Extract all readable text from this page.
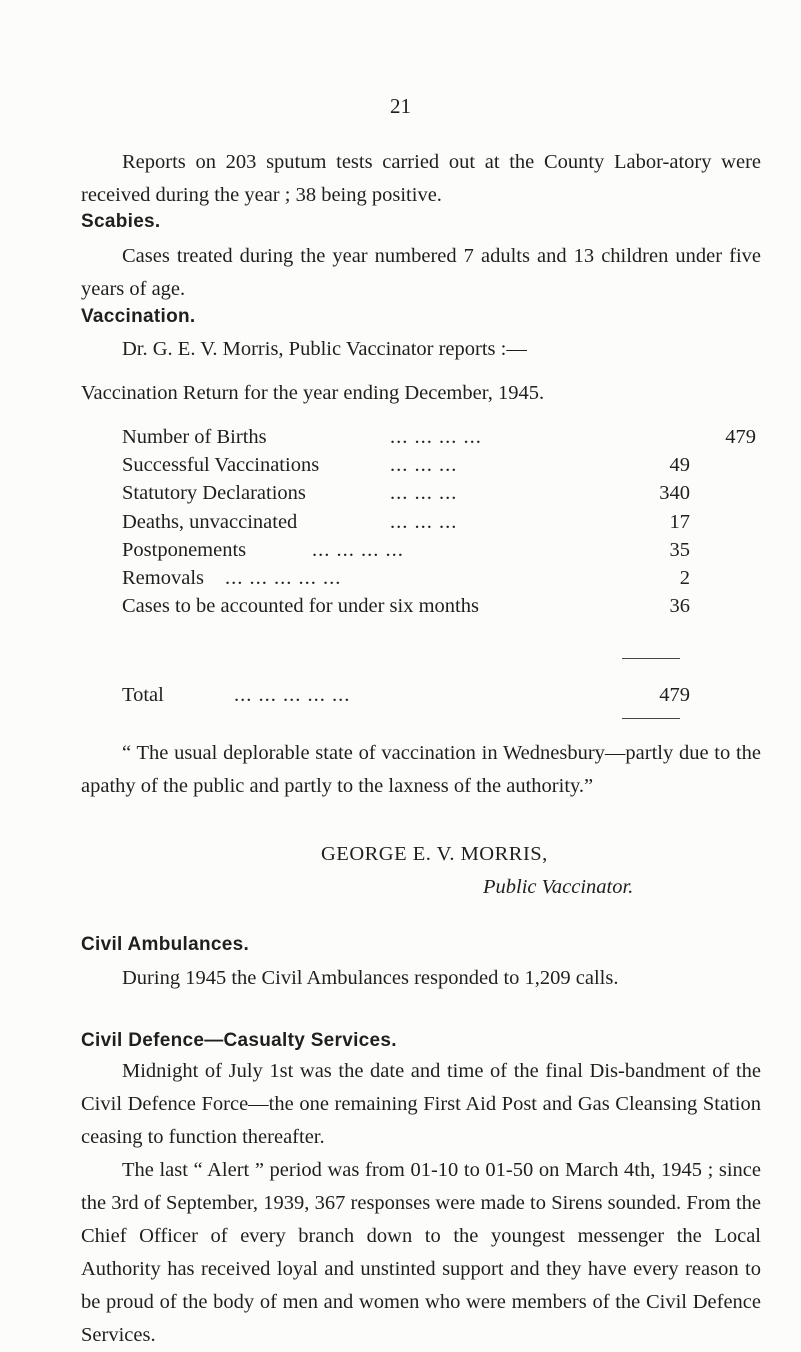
21

Reports on 203 sputum tests carried out at the County Labor-atory were received during the year ; 38 being positive.

Scabies.

Cases treated during the year numbered 7 adults and 13 children under five years of age.

Vaccination.
Dr. G. E. V. Morris, Public Vaccinator reports :—
Vaccination Return for the year ending December, 1945.
Number of Births	... ... ... ...	479
Successful Vaccinations	... ... ...	49
Statutory Declarations	... ... ...	340
Deaths, unvaccinated	... ... ...	17
Postponements	... ... ... ...	35
Removals ... ... ... ... ...	2
Cases to be accounted for under six months	36
Total	... ... ... ... ...	479

“ The usual deplorable state of vaccination in Wednesbury—partly due to the apathy of the public and partly to the laxness of the authority.”

GEORGE E. V. MORRIS,
Public Vaccinator.
Civil Ambulances.
During 1945 the Civil Ambulances responded to 1,209 calls.
Civil Defence—Casualty Services.

Midnight of July 1st was the date and time of the final Dis-bandment of the Civil Defence Force—the one remaining First Aid Post and Gas Cleansing Station ceasing to function thereafter.

The last “ Alert ” period was from 01-10 to 01-50 on March 4th, 1945 ; since the 3rd of September, 1939, 367 responses were made to Sirens sounded. From the Chief Officer of every branch down to the youngest messenger the Local Authority has received loyal and unstinted support and they have every reason to be proud of the body of men and women who were members of the Civil Defence Services.
